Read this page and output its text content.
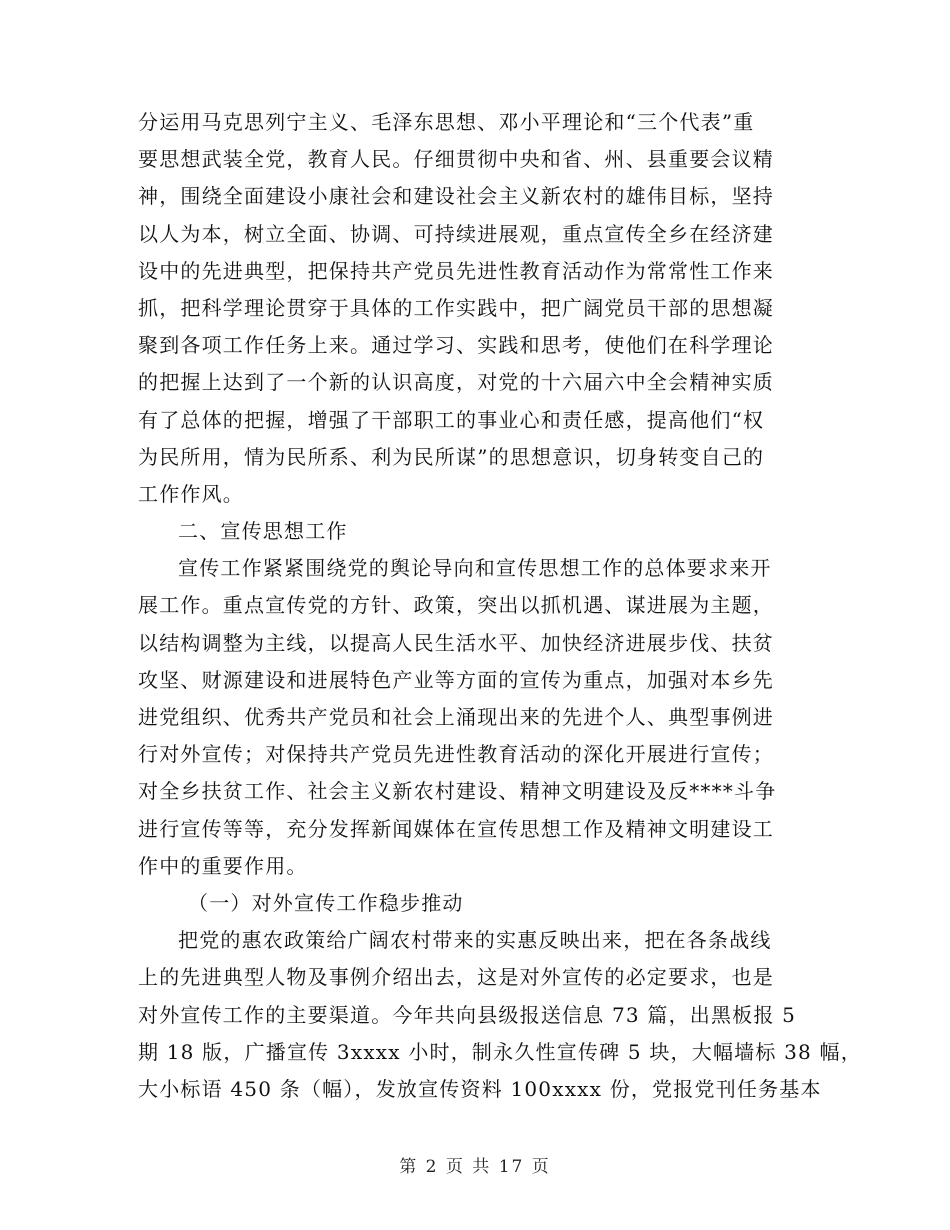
分运用马克思列宁主义、毛泽东思想、邓小平理论和“三个代表”重
要思想武装全党，教育人民。仔细贯彻中央和省、州、县重要会议精
神，围绕全面建设小康社会和建设社会主义新农村的雄伟目标，坚持
以人为本，树立全面、协调、可持续进展观，重点宣传全乡在经济建
设中的先进典型，把保持共产党员先进性教育活动作为常常性工作来
抓，把科学理论贯穿于具体的工作实践中，把广阔党员干部的思想凝
聚到各项工作任务上来。通过学习、实践和思考，使他们在科学理论
的把握上达到了一个新的认识高度，对党的十六届六中全会精神实质
有了总体的把握，增强了干部职工的事业心和责任感，提高他们“权
为民所用，情为民所系、利为民所谋”的思想意识，切身转变自己的
工作作风。
二、宣传思想工作
宣传工作紧紧围绕党的舆论导向和宣传思想工作的总体要求来开
展工作。重点宣传党的方针、政策，突出以抓机遇、谋进展为主题，
以结构调整为主线，以提高人民生活水平、加快经济进展步伐、扶贫
攻坚、财源建设和进展特色产业等方面的宣传为重点，加强对本乡先
进党组织、优秀共产党员和社会上涌现出来的先进个人、典型事例进
行对外宣传；对保持共产党员先进性教育活动的深化开展进行宣传；
对全乡扶贫工作、社会主义新农村建设、精神文明建设及反****斗争
进行宣传等等，充分发挥新闻媒体在宣传思想工作及精神文明建设工
作中的重要作用。
（一）对外宣传工作稳步推动
把党的惠农政策给广阔农村带来的实惠反映出来，把在各条战线
上的先进典型人物及事例介绍出去，这是对外宣传的必定要求，也是
对外宣传工作的主要渠道。今年共向县级报送信息 73 篇，出黑板报 5
期 18 版，广播宣传 3xxxx 小时，制永久性宣传碑 5 块，大幅墙标 38 幅，
大小标语 450 条（幅），发放宣传资料 100xxxx 份，党报党刊任务基本
第 2 页 共 17 页
